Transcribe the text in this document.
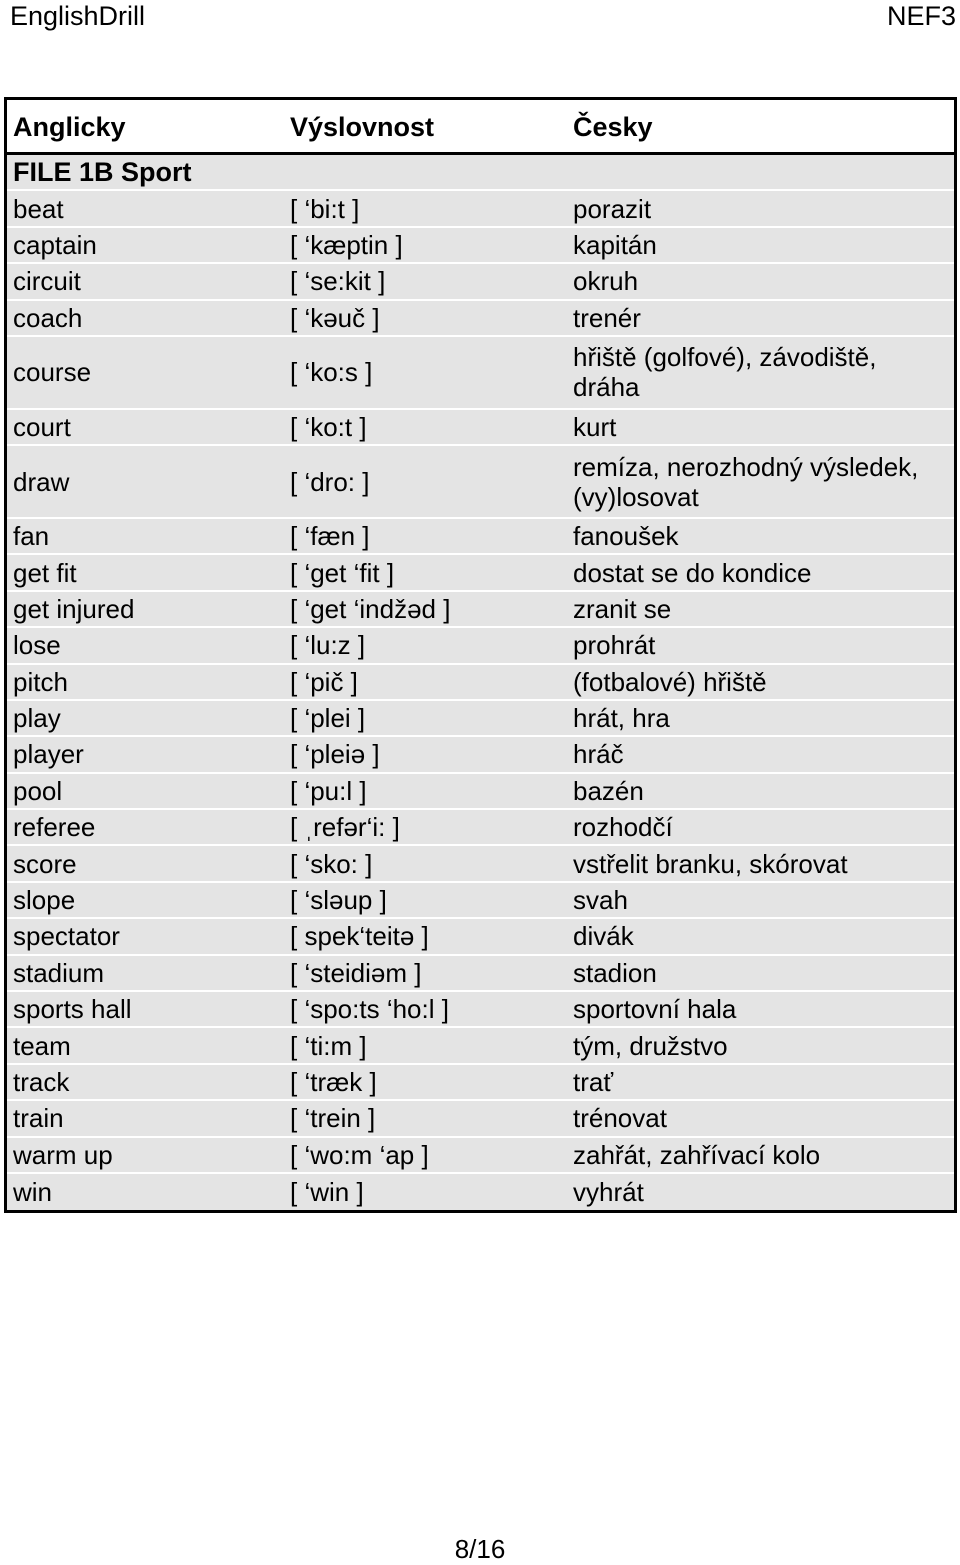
EnglishDrill	NEF3
Anglicky	Výslovnost	Česky
FILE 1B Sport
beat	[ ‘bi:t ]	porazit
captain	[ ‘kæptin ]	kapitán
circuit	[ ‘se:kit ]	okruh
coach	[ ‘kəuč ]	trenér
course	[ ‘ko:s ]	hřiště (golfové), závodiště, dráha
court	[ ‘ko:t ]	kurt
draw	[ ‘dro: ]	remíza, nerozhodný výsledek, (vy)losovat
fan	[ ‘fæn ]	fanoušek
get fit	[ ‘get ‘fit ]	dostat se do kondice
get injured	[ ‘get ‘indžəd ]	zranit se
lose	[ ‘lu:z ]	prohrát
pitch	[ ‘pič ]	(fotbalové) hřiště
play	[ ‘plei ]	hrát, hra
player	[ ‘pleiə ]	hráč
pool	[ ‘pu:l ]	bazén
referee	[ ˌrefər‘i: ]	rozhodčí
score	[ ‘sko: ]	vstřelit branku, skórovat
slope	[ ‘sləup ]	svah
spectator	[ spek‘teitə ]	divák
stadium	[ ‘steidiəm ]	stadion
sports hall	[ ‘spo:ts ‘ho:l ]	sportovní hala
team	[ ‘ti:m ]	tým, družstvo
track	[ ‘træk ]	trať
train	[ ‘trein ]	trénovat
warm up	[ ‘wo:m ‘ap ]	zahřát, zahřívací kolo
win	[ ‘win ]	vyhrát
8/16
